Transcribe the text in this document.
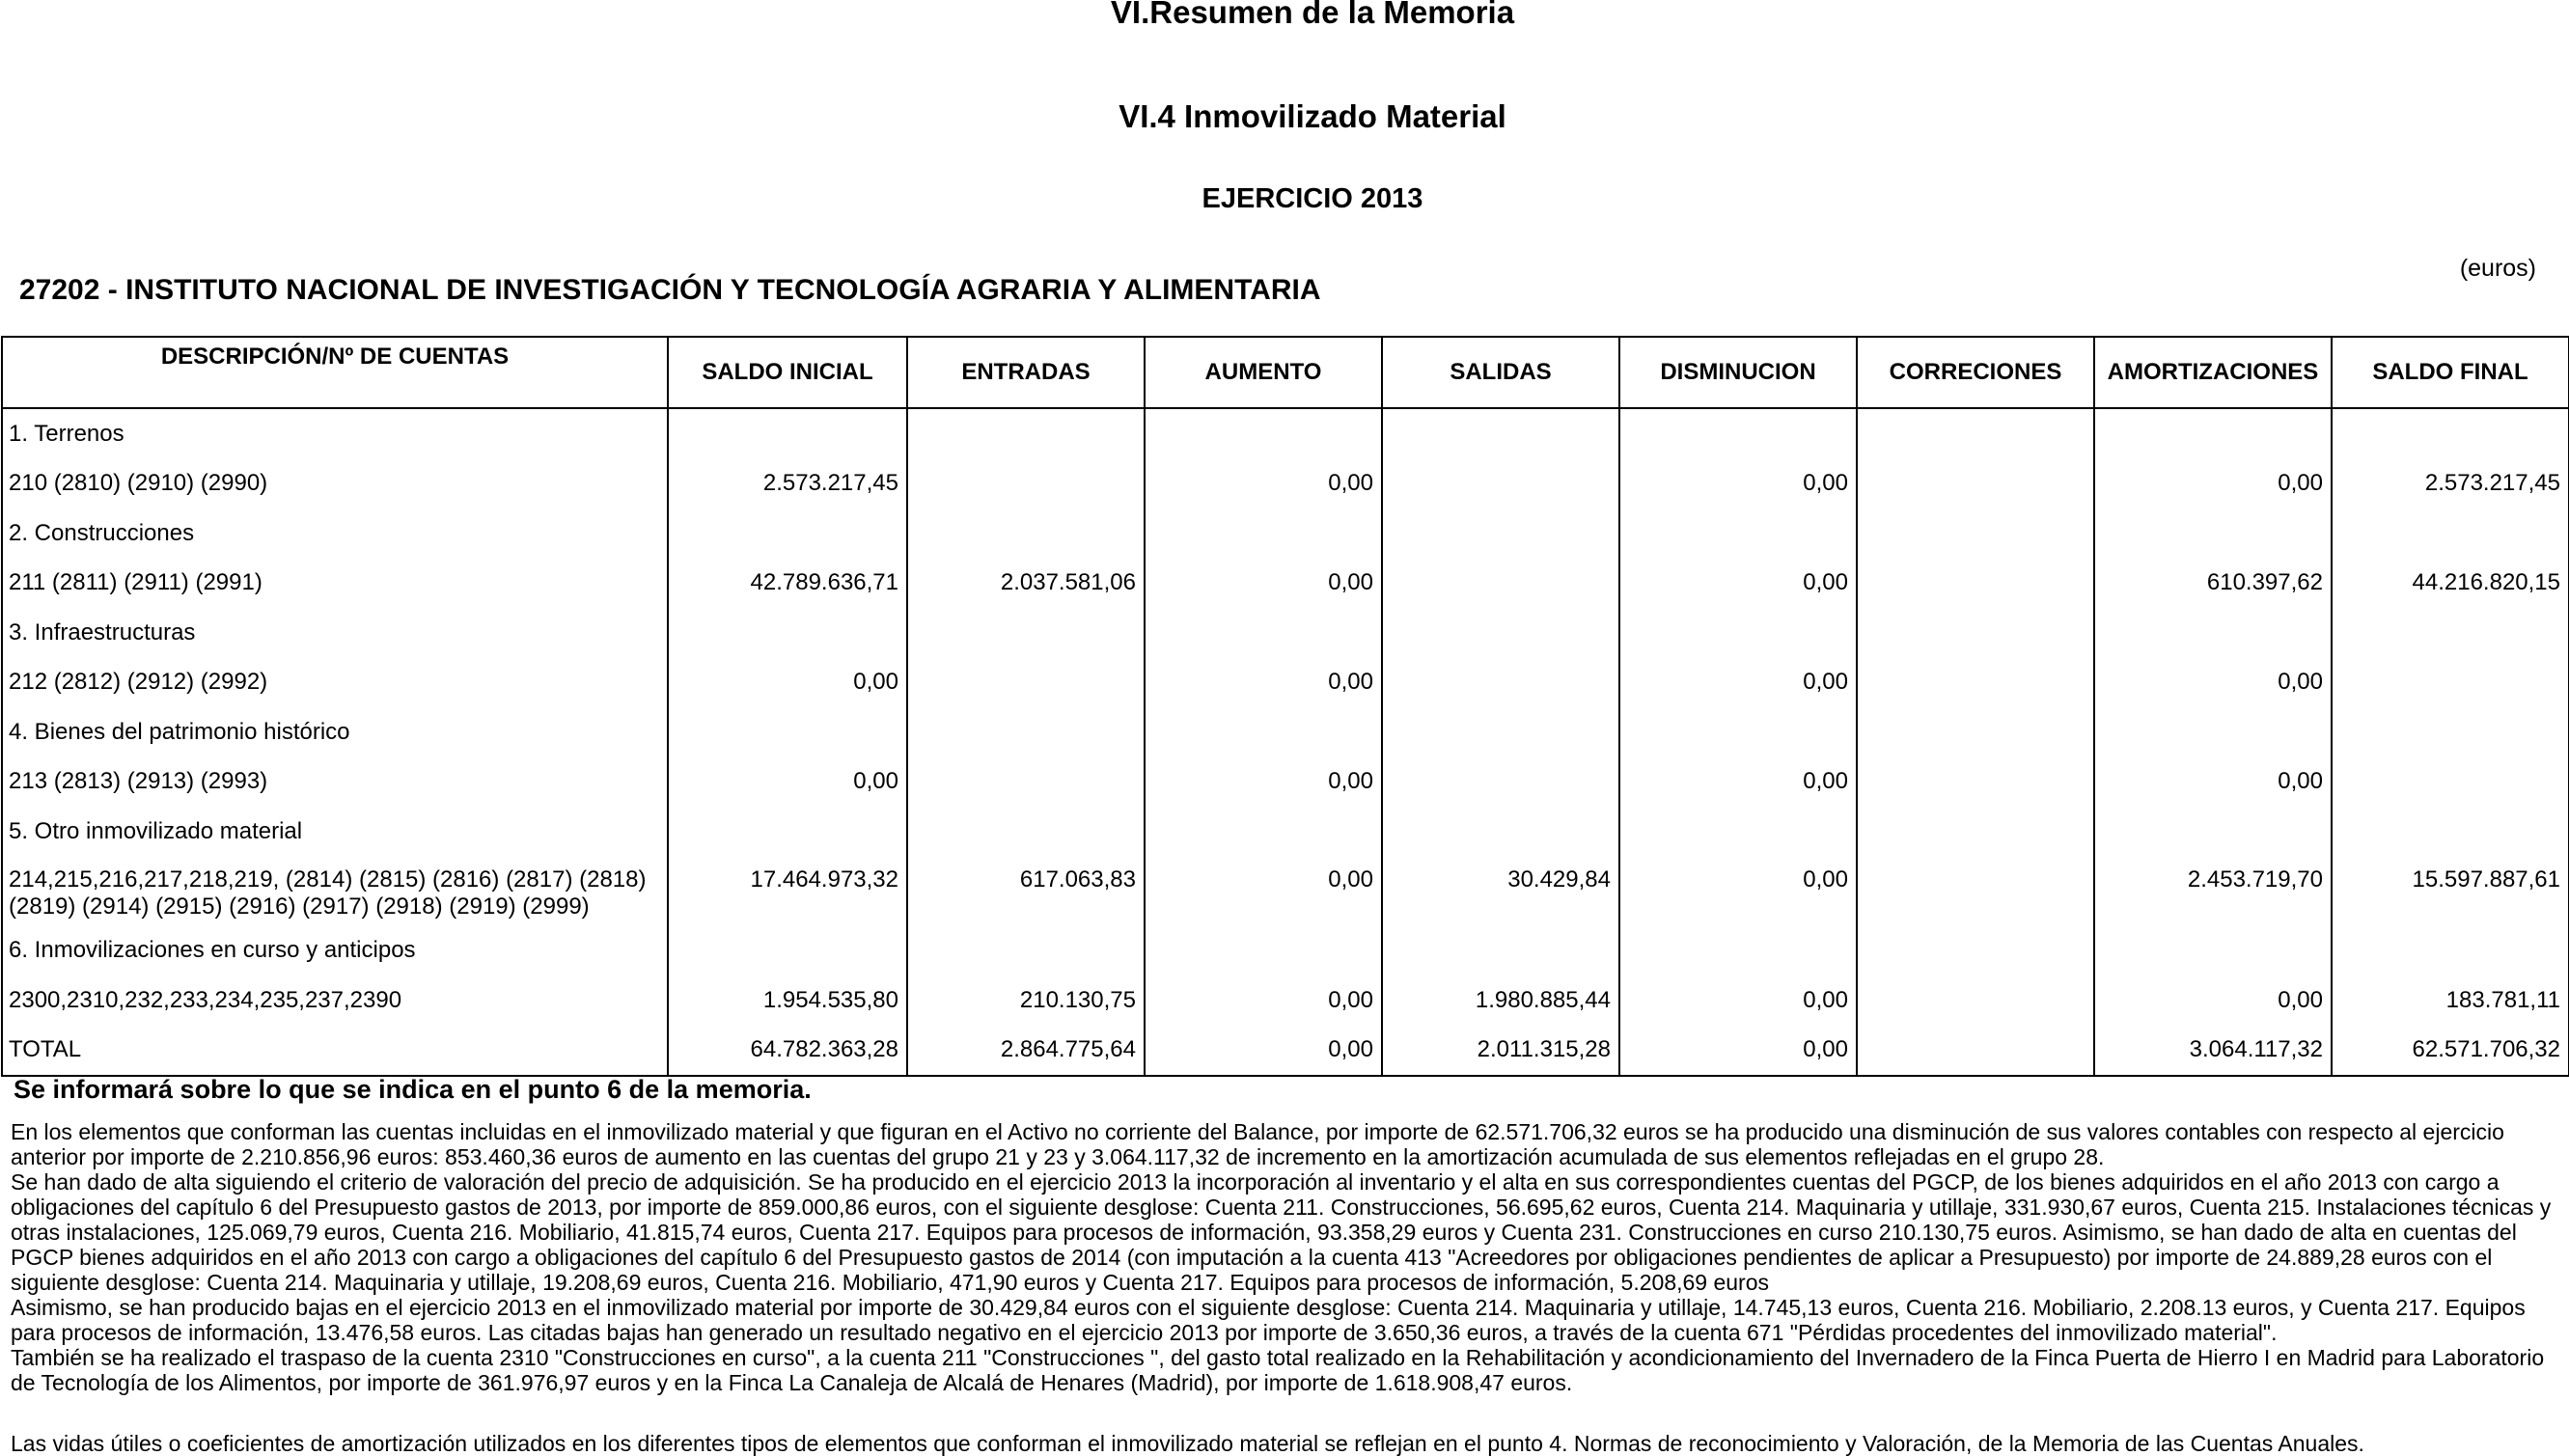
VI.Resumen de la Memoria
VI.4 Inmovilizado Material
EJERCICIO 2013
27202 - INSTITUTO NACIONAL DE INVESTIGACIÓN Y TECNOLOGÍA AGRARIA Y ALIMENTARIA
(euros)
DESCRIPCIÓN/Nº DE CUENTAS	SALDO INICIAL	ENTRADAS	AUMENTO	SALIDAS	DISMINUCION	CORRECIONES	AMORTIZACIONES	SALDO FINAL
1. Terrenos								
210 (2810) (2910) (2990)	2.573.217,45		0,00		0,00		0,00	2.573.217,45
2. Construcciones								
211 (2811) (2911) (2991)	42.789.636,71	2.037.581,06	0,00		0,00		610.397,62	44.216.820,15
3. Infraestructuras								
212 (2812) (2912) (2992)	0,00		0,00		0,00		0,00	
4. Bienes del patrimonio histórico								
213 (2813) (2913) (2993)	0,00		0,00		0,00		0,00	
5. Otro inmovilizado material								
214,215,216,217,218,219, (2814) (2815) (2816) (2817) (2818) (2819) (2914) (2915) (2916) (2917) (2918) (2919) (2999)	17.464.973,32	617.063,83	0,00	30.429,84	0,00		2.453.719,70	15.597.887,61
6. Inmovilizaciones en curso y anticipos								
2300,2310,232,233,234,235,237,2390	1.954.535,80	210.130,75	0,00	1.980.885,44	0,00		0,00	183.781,11
TOTAL	64.782.363,28	2.864.775,64	0,00	2.011.315,28	0,00		3.064.117,32	62.571.706,32
Se informará sobre lo que se indica en el punto 6 de la memoria.

En los elementos que conforman las cuentas incluidas en el inmovilizado material y que figuran en el Activo no corriente del Balance, por importe de 62.571.706,32 euros se ha producido una disminución de sus valores contables con respecto al ejercicio anterior por importe de 2.210.856,96 euros: 853.460,36 euros de aumento en las cuentas del grupo 21 y 23 y 3.064.117,32 de incremento en la amortización acumulada de sus elementos reflejadas en el grupo 28.

Se han dado de alta siguiendo el criterio de valoración del precio de adquisición. Se ha producido en el ejercicio 2013 la incorporación al inventario y el alta en sus correspondientes cuentas del PGCP, de los bienes adquiridos en el año 2013 con cargo a obligaciones del capítulo 6 del Presupuesto gastos de 2013, por importe de 859.000,86 euros, con el siguiente desglose: Cuenta 211. Construcciones, 56.695,62 euros, Cuenta 214. Maquinaria y utillaje, 331.930,67 euros, Cuenta 215. Instalaciones técnicas y otras instalaciones, 125.069,79 euros, Cuenta 216. Mobiliario, 41.815,74 euros, Cuenta 217. Equipos para procesos de información, 93.358,29 euros y Cuenta 231. Construcciones en curso 210.130,75 euros. Asimismo, se han dado de alta en cuentas del PGCP bienes adquiridos en el año 2013 con cargo a obligaciones del capítulo 6 del Presupuesto gastos de 2014 (con imputación a la cuenta 413 "Acreedores por obligaciones pendientes de aplicar a Presupuesto) por importe de 24.889,28 euros con el siguiente desglose: Cuenta 214. Maquinaria y utillaje, 19.208,69 euros, Cuenta 216. Mobiliario, 471,90 euros y Cuenta 217. Equipos para procesos de información, 5.208,69 euros

Asimismo, se han producido bajas en el ejercicio 2013 en el inmovilizado material por importe de 30.429,84 euros con el siguiente desglose: Cuenta 214. Maquinaria y utillaje, 14.745,13 euros, Cuenta 216. Mobiliario, 2.208.13 euros, y Cuenta 217. Equipos para procesos de información, 13.476,58 euros. Las citadas bajas han generado un resultado negativo en el ejercicio 2013 por importe de 3.650,36 euros, a través de la cuenta 671 "Pérdidas procedentes del inmovilizado material".

También se ha realizado el traspaso de la cuenta 2310 "Construcciones en curso", a la cuenta 211 "Construcciones ", del gasto total realizado en la Rehabilitación y acondicionamiento del Invernadero de la Finca Puerta de Hierro I en Madrid para Laboratorio de Tecnología de los Alimentos, por importe de 361.976,97 euros y en la Finca La Canaleja de Alcalá de Henares (Madrid), por importe de 1.618.908,47 euros.

Las vidas útiles o coeficientes de amortización utilizados en los diferentes tipos de elementos que conforman el inmovilizado material se reflejan en el punto 4. Normas de reconocimiento y Valoración, de la Memoria de las Cuentas Anuales.
